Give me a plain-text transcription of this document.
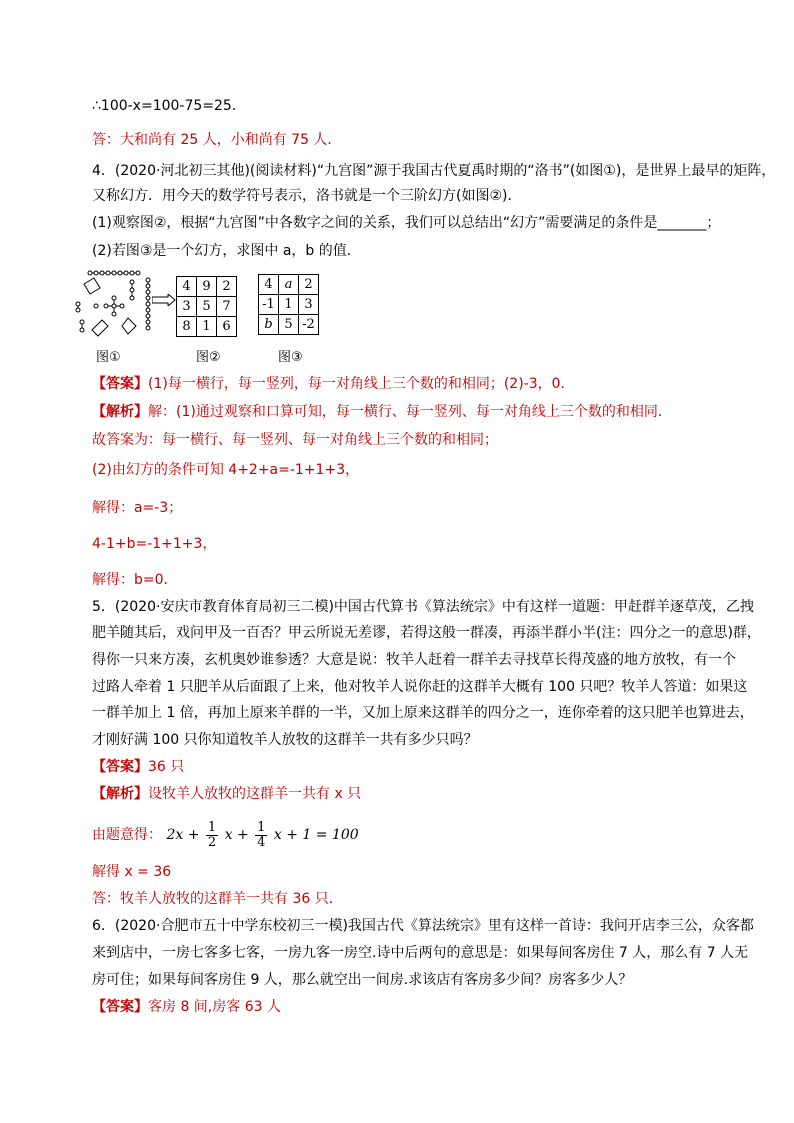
∴100-x=100-75=25．
答：大和尚有 25 人，小和尚有 75 人．
4．(2020·河北初三其他)(阅读材料)“九宫图”源于我国古代夏禹时期的“洛书”(如图①)，是世界上最早的矩阵，
又称幻方．用今天的数学符号表示，洛书就是一个三阶幻方(如图②)．
(1)观察图②，根据“九宫图”中各数字之间的关系，我们可以总结出“幻方”需要满足的条件是_______；
(2)若图③是一个幻方，求图中 a，b 的值．
4	9	2
3	5	7
8	1	6
4	a	2
-1	1	3
b	5	-2
图①	图②	图③
【答案】(1)每一横行，每一竖列，每一对角线上三个数的和相同；(2)-3，0．
【解析】解：(1)通过观察和口算可知，每一横行、每一竖列、每一对角线上三个数的和相同．
故答案为：每一横行、每一竖列、每一对角线上三个数的和相同；
(2)由幻方的条件可知 4+2+a=-1+1+3，
解得：a=-3；
4-1+b=-1+1+3，
解得：b=0．
5．(2020·安庆市教育体育局初三二模)中国古代算书《算法统宗》中有这样一道题：甲赶群羊逐草茂，乙拽
肥羊随其后，戏问甲及一百否？甲云所说无差谬，若得这般一群凑，再添半群小半(注：四分之一的意思)群，
得你一只来方凑，玄机奥妙谁参透？大意是说：牧羊人赶着一群羊去寻找草长得茂盛的地方放牧，有一个
过路人牵着 1 只肥羊从后面跟了上来，他对牧羊人说你赶的这群羊大概有 100 只吧？牧羊人答道：如果这
一群羊加上 1 倍，再加上原来羊群的一半，又加上原来这群羊的四分之一，连你牵着的这只肥羊也算进去，
才刚好满 100 只你知道牧羊人放牧的这群羊一共有多少只吗？
【答案】36 只
【解析】设牧羊人放牧的这群羊一共有 x 只
由题意得： $2x + \frac{1}{2}$ $x + \frac{1}{4}$ x + 1 = 100
解得 x = 36
答：牧羊人放牧的这群羊一共有 36 只．
6．(2020·合肥市五十中学东校初三一模)我国古代《算法统宗》里有这样一首诗：我问开店李三公，众客都
来到店中，一房七客多七客，一房九客一房空.诗中后两句的意思是：如果每间客房住 7 人，那么有 7 人无
房可住；如果每间客房住 9 人，那么就空出一间房.求该店有客房多少间？房客多少人？
【答案】客房 8 间,房客 63 人
